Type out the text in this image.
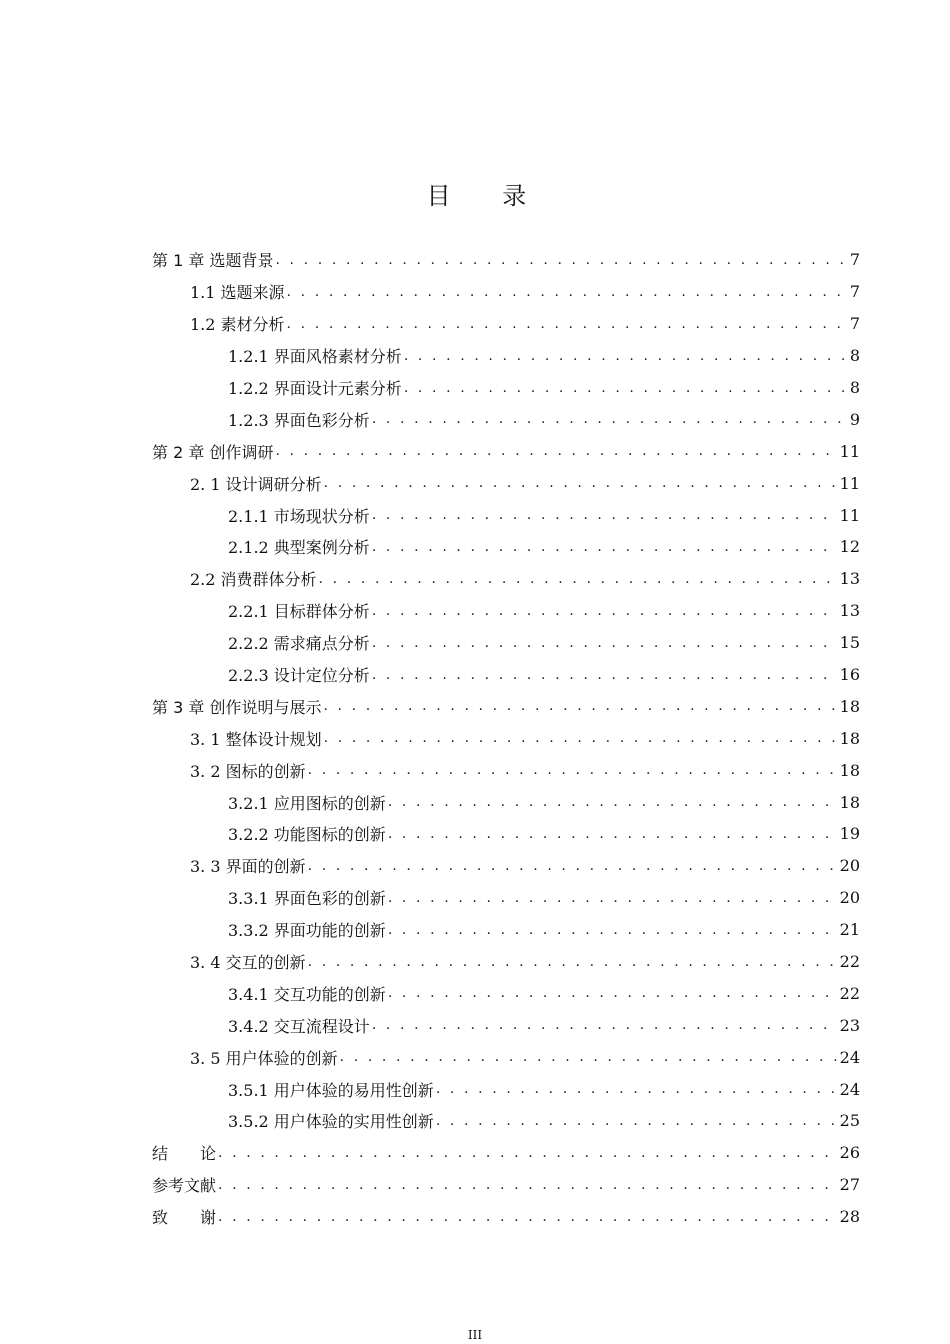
目 录
第 1 章 选题背景 . . .	7
1.1 选题来源 . . .	7
1.2 素材分析 . . .	7
1.2.1 界面风格素材分析 . . .	8
1.2.2 界面设计元素分析 . . .	8
1.2.3 界面色彩分析 . . .	9
第 2 章 创作调研 . . .	11
2. 1 设计调研分析 . . .	11
2.1.1 市场现状分析 . . .	11
2.1.2 典型案例分析 . . .	12
2.2 消费群体分析 . . .	13
2.2.1 目标群体分析 . . .	13
2.2.2 需求痛点分析 . . .	15
2.2.3 设计定位分析 . . .	16
第 3 章 创作说明与展示 . . .	18
3. 1 整体设计规划 . . .	18
3. 2 图标的创新 . . .	18
3.2.1 应用图标的创新 . . .	18
3.2.2 功能图标的创新 . . .	19
3. 3 界面的创新 . . .	20
3.3.1 界面色彩的创新 . . .	20
3.3.2 界面功能的创新 . . .	21
3. 4 交互的创新 . . .	22
3.4.1 交互功能的创新 . . .	22
3.4.2 交互流程设计 . . .	23
3. 5 用户体验的创新 . . .	24
3.5.1 用户体验的易用性创新 . . .	24
3.5.2 用户体验的实用性创新 . . .	25
结　　论 . . .	26
参考文献 . . .	27
致　　谢 . . .	28
III
